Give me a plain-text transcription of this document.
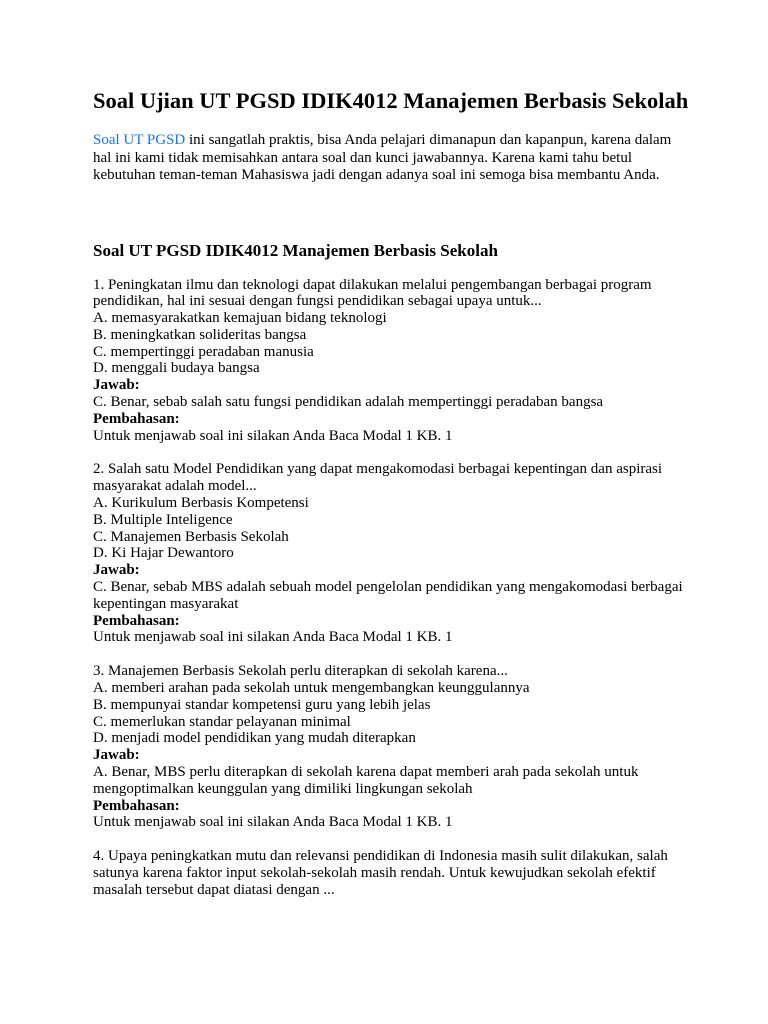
Soal Ujian UT PGSD IDIK4012 Manajemen Berbasis Sekolah

Soal UT PGSD ini sangatlah praktis, bisa Anda pelajari dimanapun dan kapanpun, karena dalam hal ini kami tidak memisahkan antara soal dan kunci jawabannya. Karena kami tahu betul kebutuhan teman-teman Mahasiswa jadi dengan adanya soal ini semoga bisa membantu Anda.

Soal UT PGSD IDIK4012 Manajemen Berbasis Sekolah
1. Peningkatan ilmu dan teknologi dapat dilakukan melalui pengembangan berbagai program pendidikan, hal ini sesuai dengan fungsi pendidikan sebagai upaya untuk...
A. memasyarakatkan kemajuan bidang teknologi
B. meningkatkan solideritas bangsa
C. mempertinggi peradaban manusia
D. menggali budaya bangsa
Jawab:
C. Benar, sebab salah satu fungsi pendidikan adalah mempertinggi peradaban bangsa
Pembahasan:
Untuk menjawab soal ini silakan Anda Baca Modal 1 KB. 1
2. Salah satu Model Pendidikan yang dapat mengakomodasi berbagai kepentingan dan aspirasi masyarakat adalah model...
A. Kurikulum Berbasis Kompetensi
B. Multiple Inteligence
C. Manajemen Berbasis Sekolah
D. Ki Hajar Dewantoro
Jawab:
C. Benar, sebab MBS adalah sebuah model pengelolan pendidikan yang mengakomodasi berbagai kepentingan masyarakat
Pembahasan:
Untuk menjawab soal ini silakan Anda Baca Modal 1 KB. 1
3. Manajemen Berbasis Sekolah perlu diterapkan di sekolah karena...
A. memberi arahan pada sekolah untuk mengembangkan keunggulannya
B. mempunyai standar kompetensi guru yang lebih jelas
C. memerlukan standar pelayanan minimal
D. menjadi model pendidikan yang mudah diterapkan
Jawab:
A. Benar, MBS perlu diterapkan di sekolah karena dapat memberi arah pada sekolah untuk mengoptimalkan keunggulan yang dimiliki lingkungan sekolah
Pembahasan:
Untuk menjawab soal ini silakan Anda Baca Modal 1 KB. 1
4. Upaya peningkatkan mutu dan relevansi pendidikan di Indonesia masih sulit dilakukan, salah satunya karena faktor input sekolah-sekolah masih rendah. Untuk kewujudkan sekolah efektif masalah tersebut dapat diatasi dengan ...
